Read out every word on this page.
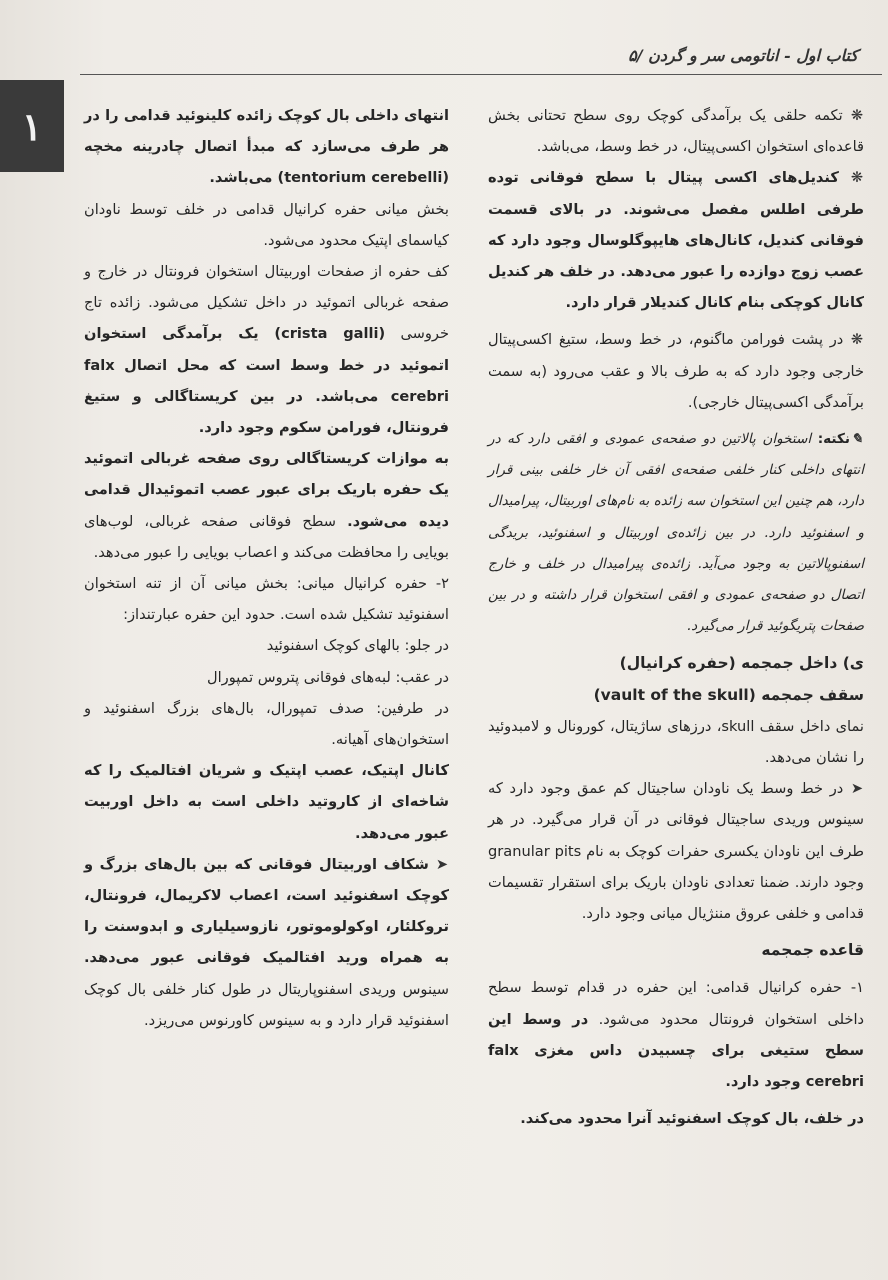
کتاب اول - اناتومی سر و گردن /۵
۱	❋ تکمه حلقی یک برآمدگی کوچک روی سطح تحتانی بخش قاعده‌ای استخوان اکسی‌پیتال، در خط وسط، می‌باشد.

❋ کندیل‌های اکسی پیتال با سطح فوقانی توده طرفی اطلس مفصل می‌شوند. در بالای قسمت فوقانی کندیل، کانال‌های هایپوگلوسال وجود دارد که عصب زوج دوازده را عبور می‌دهد. در خلف هر کندیل کانال کوچکی بنام کانال کندیلار قرار دارد.

❋ در پشت فورامن ماگنوم، در خط وسط، ستیغ اکسی‌پیتال خارجی وجود دارد که به طرف بالا و عقب می‌رود (به سمت برآمدگی اکسی‌پیتال خارجی).

✎نکته: استخوان پالاتین دو صفحه‌ی عمودی و افقی دارد که در انتهای داخلی کنار خلفی صفحه‌ی افقی آن خار خلفی بینی قرار دارد، هم چنین این استخوان سه زائده به نام‌های اوربیتال، پیرامیدال و اسفنوئید دارد. در بین زائده‌ی اوربیتال و اسفنوئید، بریدگی اسفنوپالاتین به وجود می‌آید. زائده‌ی پیرامیدال در خلف و خارج اتصال دو صفحه‌ی عمودی و افقی استخوان قرار داشته و در بین صفحات پتریگوئید قرار می‌گیرد.

ی) داخل جمجمه (حفره کرانیال)

سقف جمجمه (vault of the skull)

نمای داخل سقف skull، درزهای ساژیتال، کورونال و لامبدوئید را نشان می‌دهد.

➤ در خط وسط یک ناودان ساجیتال کم عمق وجود دارد که سینوس وریدی ساجیتال فوقانی در آن قرار می‌گیرد. در هر طرف این ناودان یکسری حفرات کوچک به نام granular pits وجود دارند. ضمنا تعدادی ناودان باریک برای استقرار تقسیمات قدامی و خلفی عروق مننژیال میانی وجود دارد.

قاعده جمجمه

۱- حفره کرانیال قدامی: این حفره در قدام توسط سطح داخلی استخوان فرونتال محدود می‌شود. در وسط این سطح ستیغی برای چسبیدن داس مغزی falx cerebri وجود دارد.

در خلف، بال کوچک اسفنوئید آنرا محدود می‌کند.

انتهای داخلی بال کوچک زائده کلینوئید قدامی را در هر طرف می‌سازد که مبدأ اتصال چادرینه مخچه (tentorium cerebelli) می‌باشد.

بخش میانی حفره کرانیال قدامی در خلف توسط ناودان کیاسمای اپتیک محدود می‌شود.

کف حفره از صفحات اوربیتال استخوان فرونتال در خارج و صفحه غربالی اتموئید در داخل تشکیل می‌شود. زائده تاج خروسی (crista galli) یک برآمدگی استخوان اتموئید در خط وسط است که محل اتصال falx cerebri می‌باشد. در بین کریستاگالی و ستیغ فرونتال، فورامن سکوم وجود دارد.

به موازات کریستاگالی روی صفحه غربالی اتموئید یک حفره باریک برای عبور عصب اتموئیدال قدامی دیده می‌شود. سطح فوقانی صفحه غربالی، لوب‌های بویایی را محافظت می‌کند و اعصاب بویایی را عبور می‌دهد.

۲- حفره کرانیال میانی: بخش میانی آن از تنه استخوان اسفنوئید تشکیل شده است. حدود این حفره عبارتنداز:

در جلو: بالهای کوچک اسفنوئید

در عقب: لبه‌های فوقانی پتروس تمپورال

در طرفین: صدف تمپورال، بال‌های بزرگ اسفنوئید و استخوان‌های آهیانه.

کانال اپتیک، عصب اپتیک و شریان افتالمیک را که شاخه‌ای از کاروتید داخلی است به داخل اوربیت عبور می‌دهد.

➤ شکاف اوربیتال فوقانی که بین بال‌های بزرگ و کوچک اسفنوئید است، اعصاب لاکریمال، فرونتال، تروکلئار، اوکولوموتور، نازوسیلیاری و ابدوسنت را به همراه ورید افتالمیک فوقانی عبور می‌دهد. سینوس وریدی اسفنوپاریتال در طول کنار خلفی بال کوچک اسفنوئید قرار دارد و به سینوس کاورنوس می‌ریزد.
